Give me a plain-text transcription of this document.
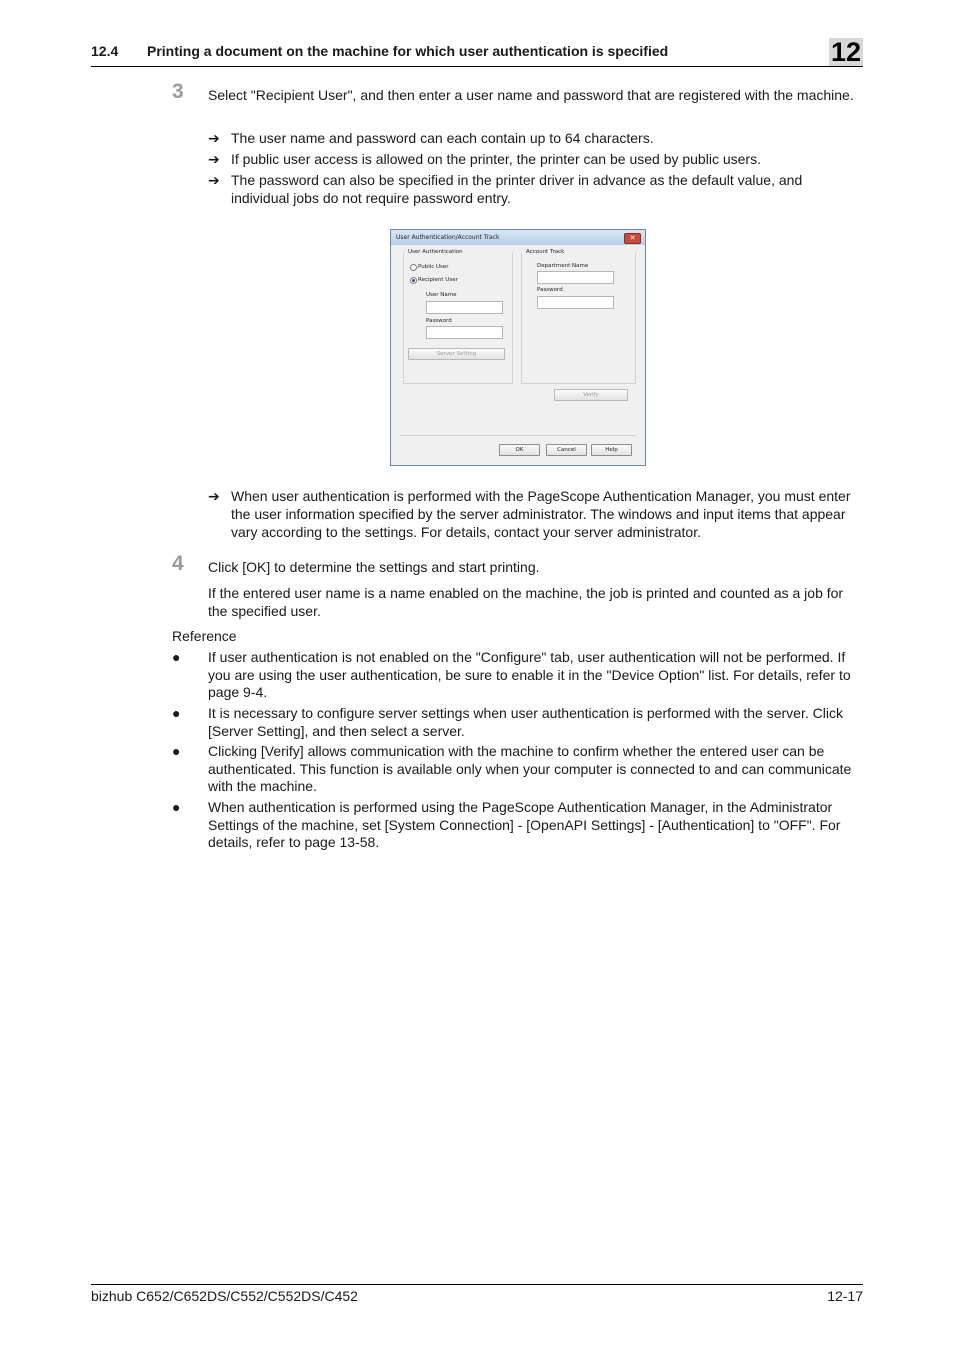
12.4 Printing a document on the machine for which user authentication is specified	12
3 Select "Recipient User", and then enter a user name and password that are registered with the machine.

➔ The user name and password can each contain up to 64 characters.
➔ If public user access is allowed on the printer, the printer can be used by public users.
➔ The password can also be specified in the printer driver in advance as the default value, and individual jobs do not require password entry.
User Authentication/Account Track	✕
User Authentication
Public User
Recipient User
User Name
Password
Server Setting
Account Track
Department Name
Password
Verify
OK	Cancel	Help
➔ When user authentication is performed with the PageScope Authentication Manager, you must enter the user information specified by the server administrator. The windows and input items that appear vary according to the settings. For details, contact your server administrator.
4 Click [OK] to determine the settings and start printing.

If the entered user name is a name enabled on the machine, the job is printed and counted as a job for the specified user.

Reference
● If user authentication is not enabled on the "Configure" tab, user authentication will not be performed. If you are using the user authentication, be sure to enable it in the "Device Option" list. For details, refer to page 9-4.
● It is necessary to configure server settings when user authentication is performed with the server. Click [Server Setting], and then select a server.
● Clicking [Verify] allows communication with the machine to confirm whether the entered user can be authenticated. This function is available only when your computer is connected to and can communicate with the machine.
● When authentication is performed using the PageScope Authentication Manager, in the Administrator Settings of the machine, set [System Connection] - [OpenAPI Settings] - [Authentication] to "OFF". For details, refer to page 13-58.
bizhub C652/C652DS/C552/C552DS/C452	12-17
